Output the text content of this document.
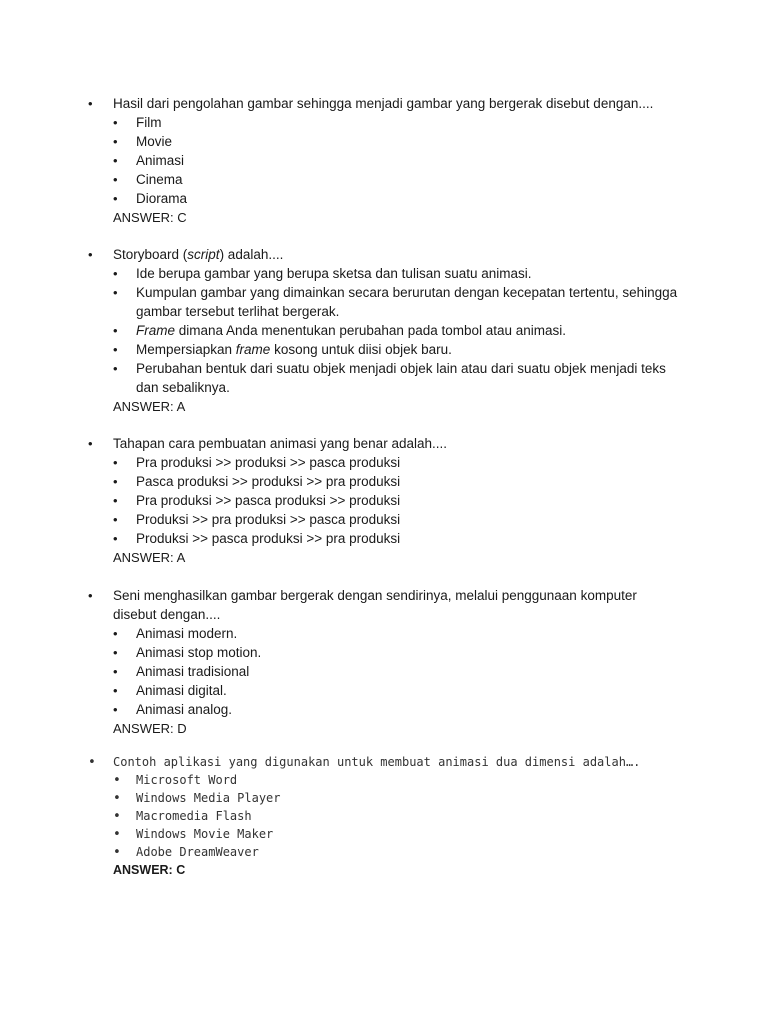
•	Hasil dari pengolahan gambar sehingga menjadi gambar yang bergerak disebut dengan....
•	Film
•	Movie
•	Animasi
•	Cinema
•	Diorama
ANSWER: C
•	Storyboard (script) adalah....
•	Ide berupa gambar yang berupa sketsa dan tulisan suatu animasi.
•	Kumpulan gambar yang dimainkan secara berurutan dengan kecepatan tertentu, sehingga gambar tersebut terlihat bergerak.
•	Frame dimana Anda menentukan perubahan pada tombol atau animasi.
•	Mempersiapkan frame kosong untuk diisi objek baru.
•	Perubahan bentuk dari suatu objek menjadi objek lain atau dari suatu objek menjadi teks dan sebaliknya.
ANSWER: A
•	Tahapan cara pembuatan animasi yang benar adalah....
•	Pra produksi >> produksi >> pasca produksi
•	Pasca produksi >> produksi >> pra produksi
•	Pra produksi >> pasca produksi >> produksi
•	Produksi >> pra produksi >> pasca produksi
•	Produksi >> pasca produksi >> pra produksi
ANSWER: A
•	Seni menghasilkan gambar bergerak dengan sendirinya, melalui penggunaan komputer disebut dengan....
•	Animasi modern.
•	Animasi stop motion.
•	Animasi tradisional
•	Animasi digital.
•	Animasi analog.
ANSWER: D
•	Contoh aplikasi yang digunakan untuk membuat animasi dua dimensi adalah….
•	Microsoft Word
•	Windows Media Player
•	Macromedia Flash
•	Windows Movie Maker
•	Adobe DreamWeaver
ANSWER: C
